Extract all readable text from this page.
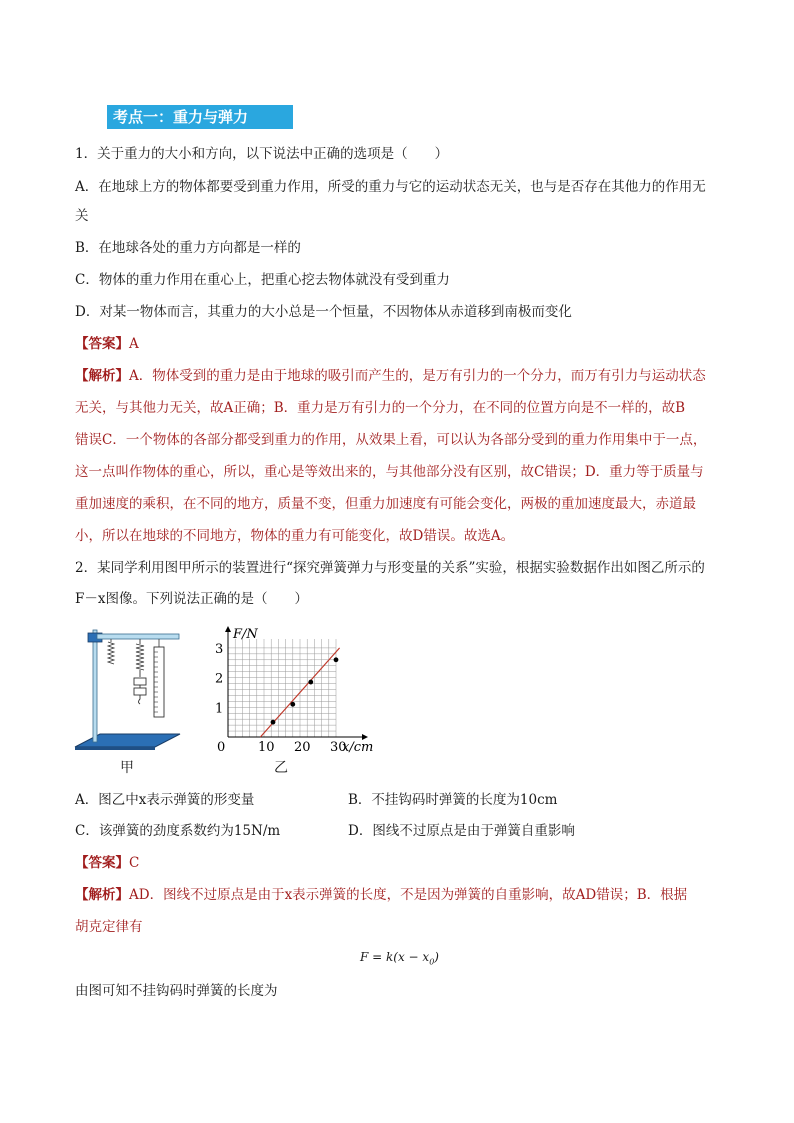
考点一：重力与弹力
1．关于重力的大小和方向，以下说法中正确的选项是（　　）
A．在地球上方的物体都要受到重力作用，所受的重力与它的运动状态无关，也与是否存在其他力的作用无
关
B．在地球各处的重力方向都是一样的
C．物体的重力作用在重心上，把重心挖去物体就没有受到重力
D．对某一物体而言，其重力的大小总是一个恒量，不因物体从赤道移到南极而变化
【答案】A
【解析】A．物体受到的重力是由于地球的吸引而产生的，是万有引力的一个分力，而万有引力与运动状态
无关，与其他力无关，故A正确；B．重力是万有引力的一个分力，在不同的位置方向是不一样的，故B
错误C．一个物体的各部分都受到重力的作用，从效果上看，可以认为各部分受到的重力作用集中于一点，
这一点叫作物体的重心，所以，重心是等效出来的，与其他部分没有区别，故C错误；D．重力等于质量与
重加速度的乘积，在不同的地方，质量不变，但重力加速度有可能会变化，两极的重加速度最大，赤道最
小，所以在地球的不同地方，物体的重力有可能变化，故D错误。故选A。
2．某同学利用图甲所示的装置进行“探究弹簧弹力与形变量的关系”实验，根据实验数据作出如图乙所示的
F－x图像。下列说法正确的是（　　）
甲
0	10 20 30
1
2
3
x/cm
F/N
乙
A．图乙中x表示弹簧的形变量	B．不挂钩码时弹簧的长度为10cm
C．该弹簧的劲度系数约为15N/m	D．图线不过原点是由于弹簧自重影响
【答案】C
【解析】AD．图线不过原点是由于x表示弹簧的长度，不是因为弹簧的自重影响，故AD错误；B．根据
胡克定律有
$F = k(x - x_0)$
由图可知不挂钩码时弹簧的长度为
